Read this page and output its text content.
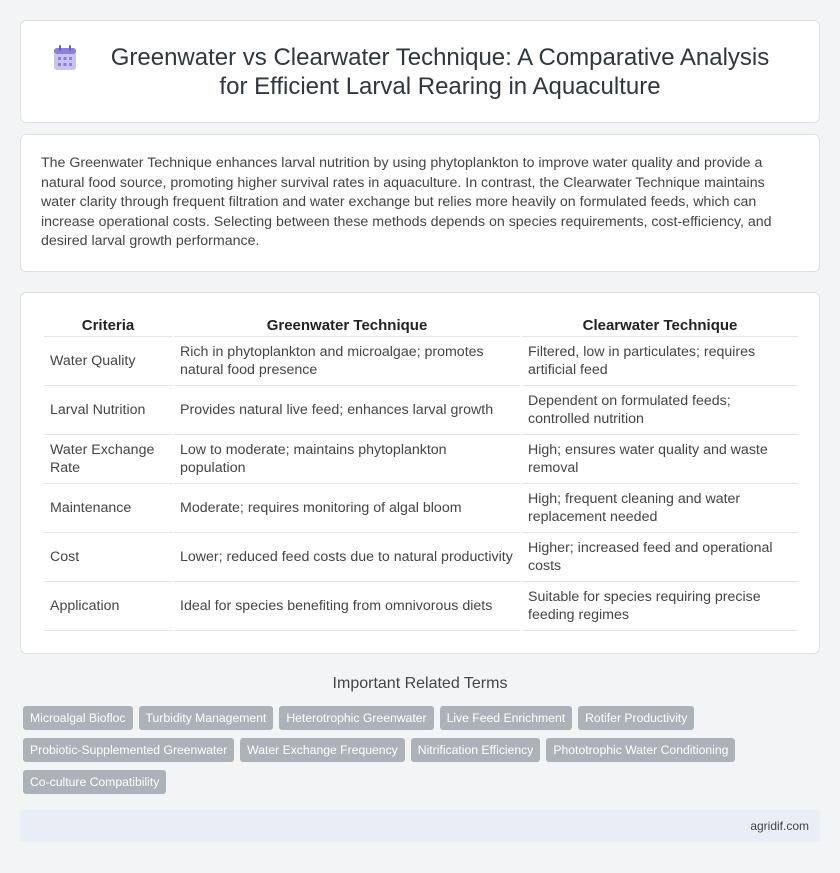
Greenwater vs Clearwater Technique: A Comparative Analysis for Efficient Larval Rearing in Aquaculture

The Greenwater Technique enhances larval nutrition by using phytoplankton to improve water quality and provide a natural food source, promoting higher survival rates in aquaculture. In contrast, the Clearwater Technique maintains water clarity through frequent filtration and water exchange but relies more heavily on formulated feeds, which can increase operational costs. Selecting between these methods depends on species requirements, cost-efficiency, and desired larval growth performance.

Criteria	Greenwater Technique	Clearwater Technique
Water Quality	Rich in phytoplankton and microalgae; promotes natural food presence	Filtered, low in particulates; requires artificial feed
Larval Nutrition	Provides natural live feed; enhances larval growth	Dependent on formulated feeds; controlled nutrition
Water Exchange Rate	Low to moderate; maintains phytoplankton population	High; ensures water quality and waste removal
Maintenance	Moderate; requires monitoring of algal bloom	High; frequent cleaning and water replacement needed
Cost	Lower; reduced feed costs due to natural productivity	Higher; increased feed and operational costs
Application	Ideal for species benefiting from omnivorous diets	Suitable for species requiring precise feeding regimes
Important Related Terms
Microalgal Biofloc	Turbidity Management	Heterotrophic Greenwater	Live Feed Enrichment	Rotifer Productivity
Probiotic-Supplemented Greenwater	Water Exchange Frequency	Nitrification Efficiency	Phototrophic Water Conditioning
Co-culture Compatibility
agridif.com
